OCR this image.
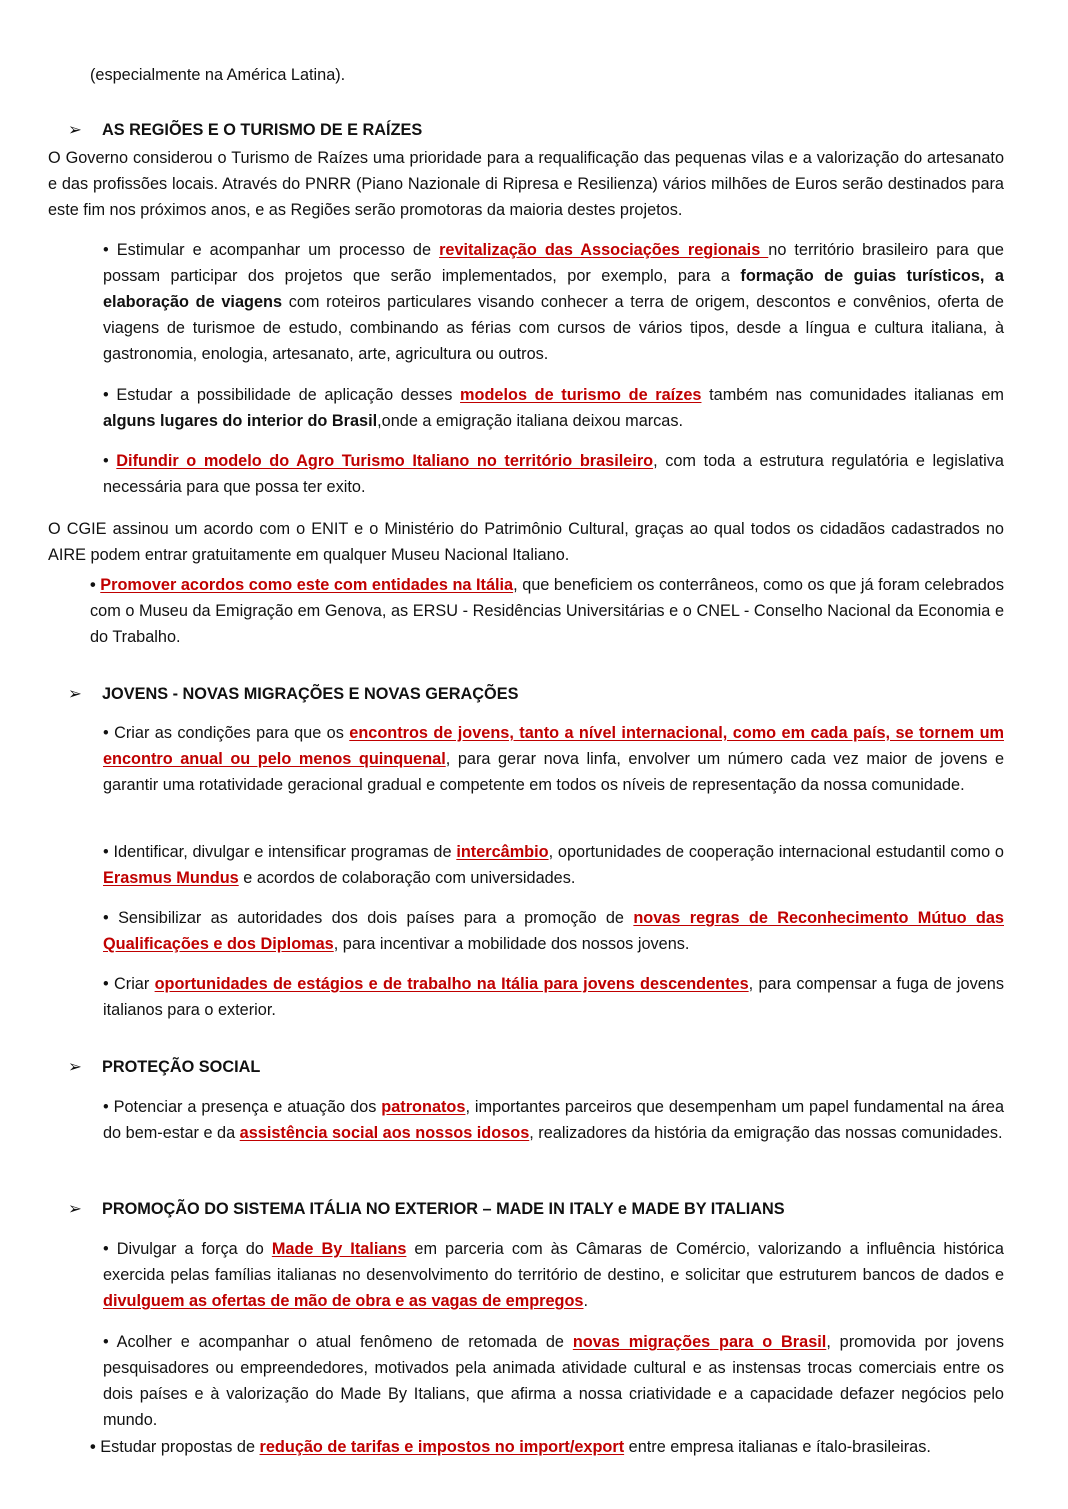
(especialmente na América Latina).

➢ AS REGIÕES E O TURISMO DE E RAÍZES

O Governo considerou o Turismo de Raízes uma prioridade para a requalificação das pequenas vilas e a valorização do artesanato e das profissões locais. Através do PNRR (Piano Nazionale di Ripresa e Resilienza) vários milhões de Euros serão destinados para este fim nos próximos anos, e as Regiões serão promotoras da maioria destes projetos.

• Estimular e acompanhar um processo de revitalização das Associações regionais no território brasileiro para que possam participar dos projetos que serão implementados, por exemplo, para a formação de guias turísticos, a elaboração de viagens com roteiros particulares visando conhecer a terra de origem, descontos e convênios, oferta de viagens de turismoe de estudo, combinando as férias com cursos de vários tipos, desde a língua e cultura italiana, à gastronomia, enologia, artesanato, arte, agricultura ou outros.

• Estudar a possibilidade de aplicação desses modelos de turismo de raízes também nas comunidades italianas em alguns lugares do interior do Brasil,onde a emigração italiana deixou marcas.

• Difundir o modelo do Agro Turismo Italiano no território brasileiro, com toda a estrutura regulatória e legislativa necessária para que possa ter exito.

O CGIE assinou um acordo com o ENIT e o Ministério do Patrimônio Cultural, graças ao qual todos os cidadãos cadastrados no AIRE podem entrar gratuitamente em qualquer Museu Nacional Italiano.

• Promover acordos como este com entidades na Itália, que beneficiem os conterrâneos, como os que já foram celebrados com o Museu da Emigração em Genova, as ERSU - Residências Universitárias e o CNEL - Conselho Nacional da Economia e do Trabalho.

➢ JOVENS - NOVAS MIGRAÇÕES E NOVAS GERAÇÕES

• Criar as condições para que os encontros de jovens, tanto a nível internacional, como em cada país, se tornem um encontro anual ou pelo menos quinquenal, para gerar nova linfa, envolver um número cada vez maior de jovens e garantir uma rotatividade geracional gradual e competente em todos os níveis de representação da nossa comunidade.

• Identificar, divulgar e intensificar programas de intercâmbio, oportunidades de cooperação internacional estudantil como o Erasmus Mundus e acordos de colaboração com universidades.

• Sensibilizar as autoridades dos dois países para a promoção de novas regras de Reconhecimento Mútuo das Qualificações e dos Diplomas, para incentivar a mobilidade dos nossos jovens.

• Criar oportunidades de estágios e de trabalho na Itália para jovens descendentes, para compensar a fuga de jovens italianos para o exterior.

➢ PROTEÇÃO SOCIAL

• Potenciar a presença e atuação dos patronatos, importantes parceiros que desempenham um papel fundamental na área do bem-estar e da assistência social aos nossos idosos, realizadores da história da emigração das nossas comunidades.

➢ PROMOÇÃO DO SISTEMA ITÁLIA NO EXTERIOR – MADE IN ITALY e MADE BY ITALIANS

• Divulgar a força do Made By Italians em parceria com às Câmaras de Comércio, valorizando a influência histórica exercida pelas famílias italianas no desenvolvimento do território de destino, e solicitar que estruturem bancos de dados e divulguem as ofertas de mão de obra e as vagas de empregos.

• Acolher e acompanhar o atual fenômeno de retomada de novas migrações para o Brasil, promovida por jovens pesquisadores ou empreendedores, motivados pela animada atividade cultural e as instensas trocas comerciais entre os dois países e à valorização do Made By Italians, que afirma a nossa criatividade e a capacidade defazer negócios pelo mundo.

• Estudar propostas de redução de tarifas e impostos no import/export entre empresa italianas e ítalo-brasileiras.
